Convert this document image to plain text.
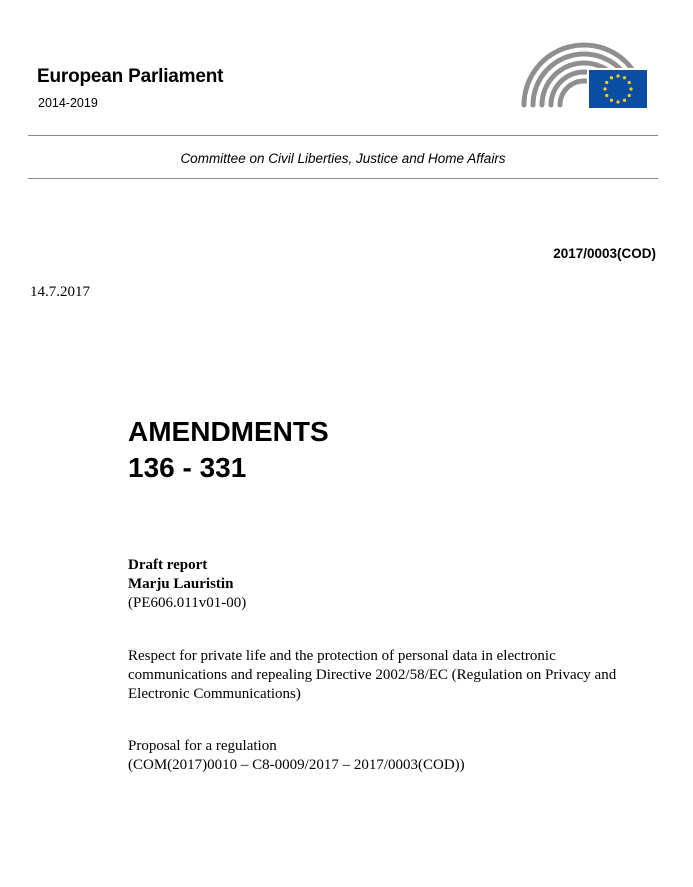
European Parliament
2014-2019
Committee on Civil Liberties, Justice and Home Affairs
2017/0003(COD)
14.7.2017
AMENDMENTS
136 - 331
Draft report
Marju Lauristin
(PE606.011v01-00)
Respect for private life and the protection of personal data in electronic communications and repealing Directive 2002/58/EC (Regulation on Privacy and Electronic Communications)
Proposal for a regulation
(COM(2017)0010 – C8-0009/2017 – 2017/0003(COD))
